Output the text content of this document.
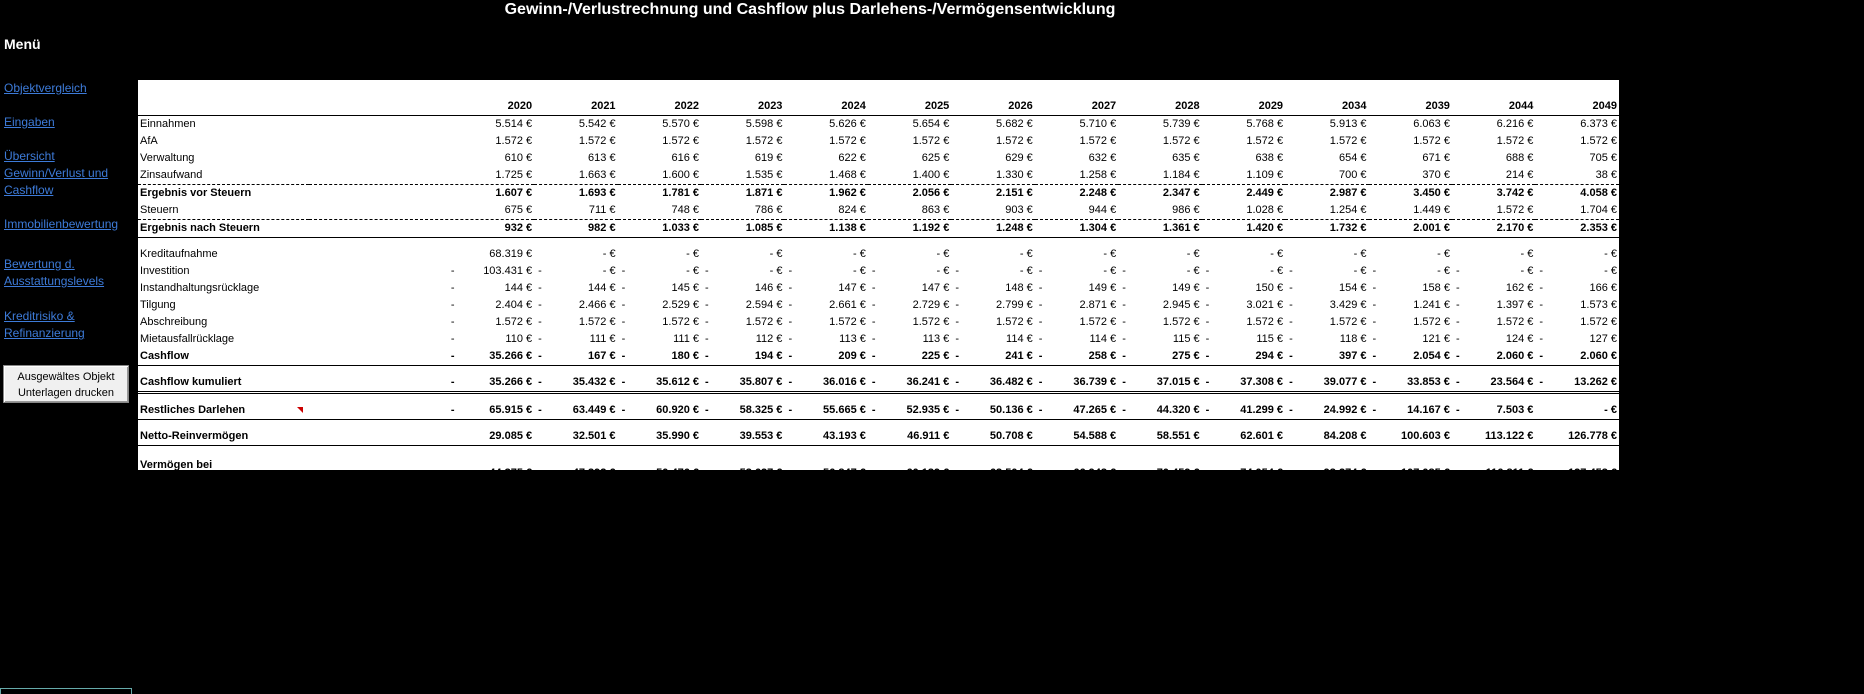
Gewinn-/Verlustrechnung und Cashflow plus Darlehens-/Vermögensentwicklung
Menü
Objektvergleich
Eingaben
Übersicht Gewinn/Verlust und Cashflow
Immobilienbewertung
Bewertung d. Ausstattungslevels
Kreditrisiko & Refinanzierung
Ausgewältes Objekt Unterlagen drucken

	2020	2021	2022	2023	2024	2025	2026	2027	2028	2029	2034	2039	2044	2049
Einnahmen	5.514 €	5.542 €	5.570 €	5.598 €	5.626 €	5.654 €	5.682 €	5.710 €	5.739 €	5.768 €	5.913 €	6.063 €	6.216 €	6.373 €
AfA	1.572 €	1.572 €	1.572 €	1.572 €	1.572 €	1.572 €	1.572 €	1.572 €	1.572 €	1.572 €	1.572 €	1.572 €	1.572 €	1.572 €
Verwaltung	610 €	613 €	616 €	619 €	622 €	625 €	629 €	632 €	635 €	638 €	654 €	671 €	688 €	705 €
Zinsaufwand	1.725 €	1.663 €	1.600 €	1.535 €	1.468 €	1.400 €	1.330 €	1.258 €	1.184 €	1.109 €	700 €	370 €	214 €	38 €
Ergebnis vor Steuern	1.607 €	1.693 €	1.781 €	1.871 €	1.962 €	2.056 €	2.151 €	2.248 €	2.347 €	2.449 €	2.987 €	3.450 €	3.742 €	4.058 €
Steuern	675 €	711 €	748 €	786 €	824 €	863 €	903 €	944 €	986 €	1.028 €	1.254 €	1.449 €	1.572 €	1.704 €
Ergebnis nach Steuern	932 €	982 €	1.033 €	1.085 €	1.138 €	1.192 €	1.248 €	1.304 €	1.361 €	1.420 €	1.732 €	2.001 €	2.170 €	2.353 €

Kreditaufnahme	68.319 €	- €	- €	- €	- €	- €	- €	- €	- €	- €	- €	- €	- €	- €
Investition	- 103.431 €	- - €	- - €	- - €	- - €	- - €	- - €	- - €	- - €	- - €	- - €	- - €	- - €	- - €
Instandhaltungsrücklage	- 144 €	- 144 €	- 145 €	- 146 €	- 147 €	- 147 €	- 148 €	- 149 €	- 149 €	- 150 €	- 154 €	- 158 €	- 162 €	- 166 €
Tilgung	- 2.404 €	- 2.466 €	- 2.529 €	- 2.594 €	- 2.661 €	- 2.729 €	- 2.799 €	- 2.871 €	- 2.945 €	- 3.021 €	- 3.429 €	- 1.241 €	- 1.397 €	- 1.573 €
Abschreibung	- 1.572 €	- 1.572 €	- 1.572 €	- 1.572 €	- 1.572 €	- 1.572 €	- 1.572 €	- 1.572 €	- 1.572 €	- 1.572 €	- 1.572 €	- 1.572 €	- 1.572 €	- 1.572 €
Mietausfallrücklage	- 110 €	- 111 €	- 111 €	- 112 €	- 113 €	- 113 €	- 114 €	- 114 €	- 115 €	- 115 €	- 118 €	- 121 €	- 124 €	- 127 €
Cashflow	- 35.266 €	- 167 €	- 180 €	- 194 €	- 209 €	- 225 €	- 241 €	- 258 €	- 275 €	- 294 €	- 397 €	- 2.054 €	- 2.060 €	- 2.060 €

Cashflow kumuliert	- 35.266 €	- 35.432 €	- 35.612 €	- 35.807 €	- 36.016 €	- 36.241 €	- 36.482 €	- 36.739 €	- 37.015 €	- 37.308 €	- 39.077 €	- 33.853 €	- 23.564 €	- 13.262 €

Restliches Darlehen	- 65.915 €	- 63.449 €	- 60.920 €	- 58.325 €	- 55.665 €	- 52.935 €	- 50.136 €	- 47.265 €	- 44.320 €	- 41.299 €	- 24.992 €	- 14.167 €	- 7.503 €	- €

Netto-Reinvermögen	29.085 €	32.501 €	35.990 €	39.553 €	43.193 €	46.911 €	50.708 €	54.588 €	58.551 €	62.601 €	84.208 €	100.603 €	113.122 €	126.778 €

Vermögen bei
Miete x Faktor 20 - Restschuld	44.375 €	47.392 €	50.476 €	53.627 €	56.847 €	60.139 €	63.504 €	66.943 €	70.459 €	74.054 €	93.274 €	107.085 €	116.811 €	127.453 €
